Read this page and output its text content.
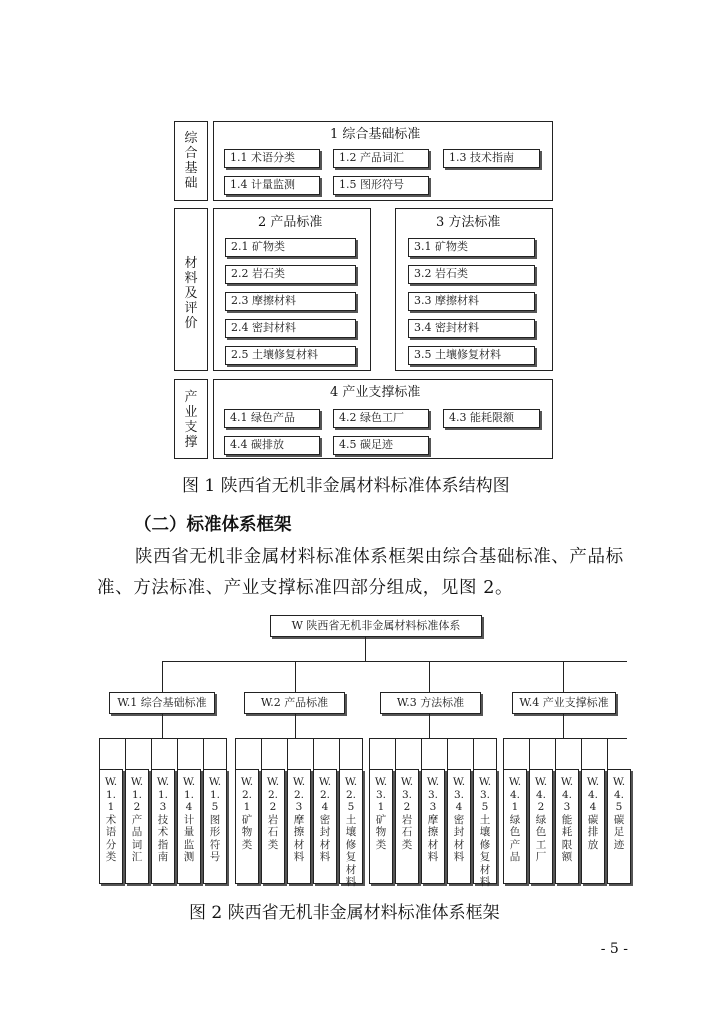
综合基础
1 综合基础标准
1.1 术语分类	1.2 产品词汇	1.3 技术指南
1.4 计量监测	1.5 图形符号
材料及评价
2 产品标准
2.1 矿物类
2.2 岩石类
2.3 摩擦材料
2.4 密封材料
2.5 土壤修复材料
3 方法标准
3.1 矿物类
3.2 岩石类
3.3 摩擦材料
3.4 密封材料
3.5 土壤修复材料
产业支撑
4 产业支撑标准
4.1 绿色产品	4.2 绿色工厂	4.3 能耗限额
4.4 碳排放	4.5 碳足迹
图 1 陕西省无机非金属材料标准体系结构图
（二）标准体系框架
陕西省无机非金属材料标准体系框架由综合基础标准、产品标准、方法标准、产业支撑标准四部分组成，见图 2。
W 陕西省无机非金属材料标准体系
W.1 综合基础标准	W.2 产品标准	W.3 方法标准	W.4 产业支撑标准
W.1.1 术语分类
W.1.2 产品词汇
W.1.3 技术指南
W.1.4 计量监测
W.1.5 图形符号
W.2.1 矿物类
W.2.2 岩石类
W.2.3 摩擦材料
W.2.4 密封材料
W.2.5 土壤修复材料
W.3.1 矿物类
W.3.2 岩石类
W.3.3 摩擦材料
W.3.4 密封材料
W.3.5 土壤修复材料
W.4.1 绿色产品
W.4.2 绿色工厂
W.4.3 能耗限额
W.4.4 碳排放
W.4.5 碳足迹
图 2 陕西省无机非金属材料标准体系框架
- 5 -
